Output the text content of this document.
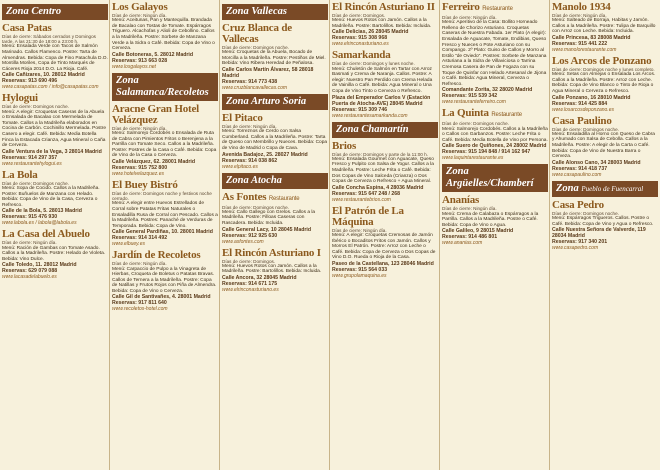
Zona Centro
Casa Patas
Días de cierre: Sábados cerrados y Domingos tarde. A las 21:30 de 18:00 a 23:00 h.
Menú: Ensalada Verde con Tacos de Salmón Marinado. Callos Flamenco. Postre: Tarta de Almendras. Bebida: Copa de Fino Patachula D.O. Montilla Moriles, Copa de Tinto Marqués de Cáceres Rioja 2014 D.O. La Rioja. Café.
Calle Cañizares, 10. 28012 Madrid
Reservas: 913 690 496
www.casapatas.com / info@casapatas.com
Hylogui
Días de cierre: Domingos noche.
Menú: A elegir: Croquetas Caseras de la Abuela o Ensalada de Bacalao con Mermelada de Tomate. Callos a la Madrileña elaborados en Cocina de Carbón. Cochinillo Mermelada. Postre Casero a elegir. Café. Bebida: Media Botella Finca la Estacada Crianza, Agua Mineral o Caña de Cerveza.
Calle Ventura de la Vega, 3 28014 Madrid
Reservas: 914 297 357
www.restaurantehylogui.es
La Bola
Días de cierre: Domingos noche.
Menú: Sopa de Cocido. Callos a la Madrileña. Postre: Buñuelos de Manzana con Helado. Bebida: Copa de Vino de la Casa, Cerveza o Refresco.
Calle de la Bola, 5. 28013 Madrid
Reservas: 915 476 930
www.labola.es / labola@labola.es
La Casa del Abuelo
Días de cierre: Ningún día.
Menú: Ración de Gambas con Tomate Asado. Callos a la Madrileña. Postre: Helado de Violeta. Bebida: Vino Dulce.
Calle Toledo, 11. 28012 Madrid
Reservas: 629 079 088
www.lacasadelabuelo.es
Los Galayos
Días de cierre: Ningún día.
Menú: Aceitunas, Pan y Mantequilla. Brandada de Bacalao con Tostas de Tomate. Espárragos Triguero. Alcachofas y Alioli de Cebollino. Callos a la Madrileña. Postre: Sorbete de Manzana Verde a la Sidra o Café. Bebida: Copa de Vino o Cerveza.
Calle Botoneras, 5. 28012 Madrid
Reservas: 913 663 028
www.losgalayos.net
Zona Salamanca/Recoletos
Aracne Gran Hotel Velázquez
Días de cierre: Ningún día.
Menú: Salmorejo Cordobés o Ensalada de Ruta de Cabra con Pimientos Fritos o Berenjena a la Parrilla con Tomate Seco. Callos a la Madrileña. Postre: Postres de la Casa o Café. Bebida: Copa de Vino de la Casa o Cerveza.
Calle Velázquez, 62. 28001 Madrid
Reservas: 915 752 800
www.hotelvelazquez.es
El Buey Bistró
Días de cierre: Domingos noche y festivos noche cerrado.
Menú: A elegir entre Huevos Estrellados de Corral sobre Patatas Fritas Naturales o Ensaladilla Rusa de Corral con Pescado. Callos a la Madrileña. Postres: Panaché de Verduras de Temporada. Bebida: Copa de Vino.
Calle General Pardiñas, 10. 28001 Madrid
Reservas: 914 314 492
www.elbuey.es
Jardín de Recoletos
Días de cierre: Ningún día.
Menú: Carpaccio de Pulpo a la Vinagreta de Hierbas, Croqueta de Boletus o Patatas Bravas. Callos de Ternera a la Madrileña. Postre: Copa de Natillas y Frutos Rojos con Piña de Almendra. Bebida: Copa de Vino o Cerveza.
Calle Gil de Santivañes, 4. 28001 Madrid
Reservas: 917 811 640
www.recoletos-hotel.com
Zona Vallecas
Cruz Blanca de Vallecas
Días de cierre: Domingos noche.
Menú: Croquetas de la Abuela, Bocado de Morcilla a la Madrileña. Postre: Pestiños de Miel. Bebida: Vino Ribera Heredad de Peñalosa.
Calle Carlos Martín Álvarez, 58 28018 Madrid
Reservas: 914 773 438
www.cruzblancavallecas.com
Zona Arturo Soria
El Pitaco
Días de cierre: Ningún día.
Menú: Torreznos de Cerdo con Salsa Cumberland. Callos a la Madrileña. Postre: Tarta de Queso con Membrillo y Nueces. Bebida: Copa de Vino de Madrid o Copa de Cava.
Avenida Badajoz, 25. 28027 Madrid
Reservas: 914 038 862
www.elpitaco.es
Zona Atocha
As Fontes Restaurante
Días de cierre: Domingos noche.
Menú: Callo Gallego con Grelos. Callos a la Madrileña. Postre: Filloas Caseras con Rascadera. Bebida: Incluida.
Calle General Lacy, 10 28045 Madrid
Reservas: 912 925 630
www.asfontes.com
El Rincón Asturiano I
Días de cierre: Domingos.
Menú: Huevos Rotos con Jamón. Callos a la Madrileña. Postre: Bartolillos. Bebida: Incluida.
Calle Ancora, 32 28045 Madrid
Reservas: 914 671 175
www.elrinconasturiano.es
El Rincón Asturiano II
Días de cierre: Domingos.
Menú: Huevos Rotos con Jamón. Callos a la Madrileña. Postre: Bartolillos. Bebida: Incluida.
Calle Delicias, 26 28045 Madrid
Reservas: 915 308 968
www.elrinconasturiano.es
Samarkanda
Días de cierre: Domingos y lunes noche.
Menú: Chuletón de Salmón en Tartar con Arroz Basmati y Crema de Naranja. Callos. Postre: A elegir: Nuestro Pan Perdido con Crema Helada de Vainilla o Café. Bebida: Agua Mineral o Una Copa de Vino Tinto o Cerveza o Refresco.
Plaza del Emperador Carlos V (Estación Puerta de Atocha-AVE) 28045 Madrid
Reservas: 915 309 746
www.restaurantesamarkanda.com
Zona Chamartín
Brios
Días de cierre: Domingos y parte de la 11:00 h.
Menú: Ensalada Gourmet con Aguacate, Queso Fresco y Pulpito con Salsa de Yogur. Callos a la Madrileña. Postre: Leche Frita o Café. Bebida: Dos Copas de Vino Salceda (Crianza) o Dos Copas de Cerveza o Refresco + Agua Mineral.
Calle Concha Espina, 4 28036 Madrid
Reservas: 915 647 248 / 268
www.restaurantebrios.com
El Patrón de La Máquina
Días de cierre: Ningún día.
Menú: A elegir: Croquetas Cremosas de Jamón Ibérico o Bocaditos Fritos con Jamón. Callos y Morros El Patrón. Postre: Arroz con Leche o Café. Bebida: Copa de Cerveza o Dos Copas de Vino D.O. Rueda o Rioja de la Casa.
Paseo de la Castellana, 123 28046 Madrid
Reservas: 915 564 033
www.grupolamaquina.es
Ferreiro Restaurante
Días de cierre: Ningún día.
Menú: Aperitivo de la Casa: Bollito Horneado Relleno de Chorizo Asturiano. Croquetas Caseras de Nuestra Fabada. 1er Plato (A elegir): Ensalada de Aguacate, Tomate, Endibias, Queso Fresco y Nueces o Pote Asturiano con su Compango. 2º Plato: Guiso de Callos y Morro al Estilo "de Oviedo". Postres: Sorbete de Manzana Asturiana a la Sidra de Villaviciosa o Tarrina Cremosa Casera de Pan de Fogaza con su Toque de Quinfar con Helado Artesanal de Jijona o Café. Bebida: Agua Mineral, Cerveza o Refresco.
Comandante Zorita, 32 28020 Madrid
Reservas: 915 539 342
www.restauranteferreiro.com
La Quinta Restaurante
Días de cierre: Domingos noche.
Menú: Salmorejo Cordobés. Callos a la Madrileña o Callos con Garbanzos. Postre: Leche Frita o Café. Bebida: Media Botella de Vino por Persona.
Calle Suero de Quiñones, 24 28002 Madrid
Reservas: 915 194 848 / 914 162 947
www.laquintarestaurante.es
Zona Argüelles/Chamberí
Ananías
Días de cierre: Ningún día.
Menú: Crema de Calabaza o Espárragos a la Parrilla. Callos a la Madrileña. Postre o Café. Bebida: Copa de Vino o Agua.
Calle Galileo, 9 28015 Madrid
Reservas: 914 486 801
www.ananias.com
Manolo 1934
Días de cierre: Ningún día.
Menú: Salteado de Borraja, Habitas y Jamón. Callos a la Madrileña. Postre: Tulipa de Barquillo con Arroz con Leche. Bebida: Incluida.
Calle Princesa, 83 28008 Madrid
Reservas: 915 441 222
www.manolorestaurante.com
Los Arcos de Ponzano
Días de cierre: Domingos noche y lunes completo.
Menú: Setas con Almejas o Ensalada Los Arcos. Callos a la Madrileña. Postre: Arroz con Leche. Bebida: Copa de Vino Blanco o Tinto de Rioja o Agua Mineral o Cerveza o Refresco.
Calle Ponzano, 16 28010 Madrid
Reservas: 914 425 884
www.losarcosdeponzano.es
Casa Paulino
Días de cierre: Domingos noche.
Menú: Ensaladilla al Horno con Queso de Cabra y Ahumado con Salsa de Cebolla. Callos a la Madrileña. Postre: A elegir de la Carta o Café. Bebida: Copa de Vino de Nuestra Barra o Cerveza.
Calle Alonso Cano, 34 28003 Madrid
Reservas: 914 418 737
www.casapaulino.com
Zona Pueblo de Fuencarral
Casa Pedro
Días de cierre: Domingos noche.
Menú: Espárragos Trigueros. Callos. Postre o Café. Bebida: Copa de Vino y Agua o Refresco.
Calle Nuestra Señora de Valverde, 119 28034 Madrid
Reservas: 917 340 201
www.casapedro.com
